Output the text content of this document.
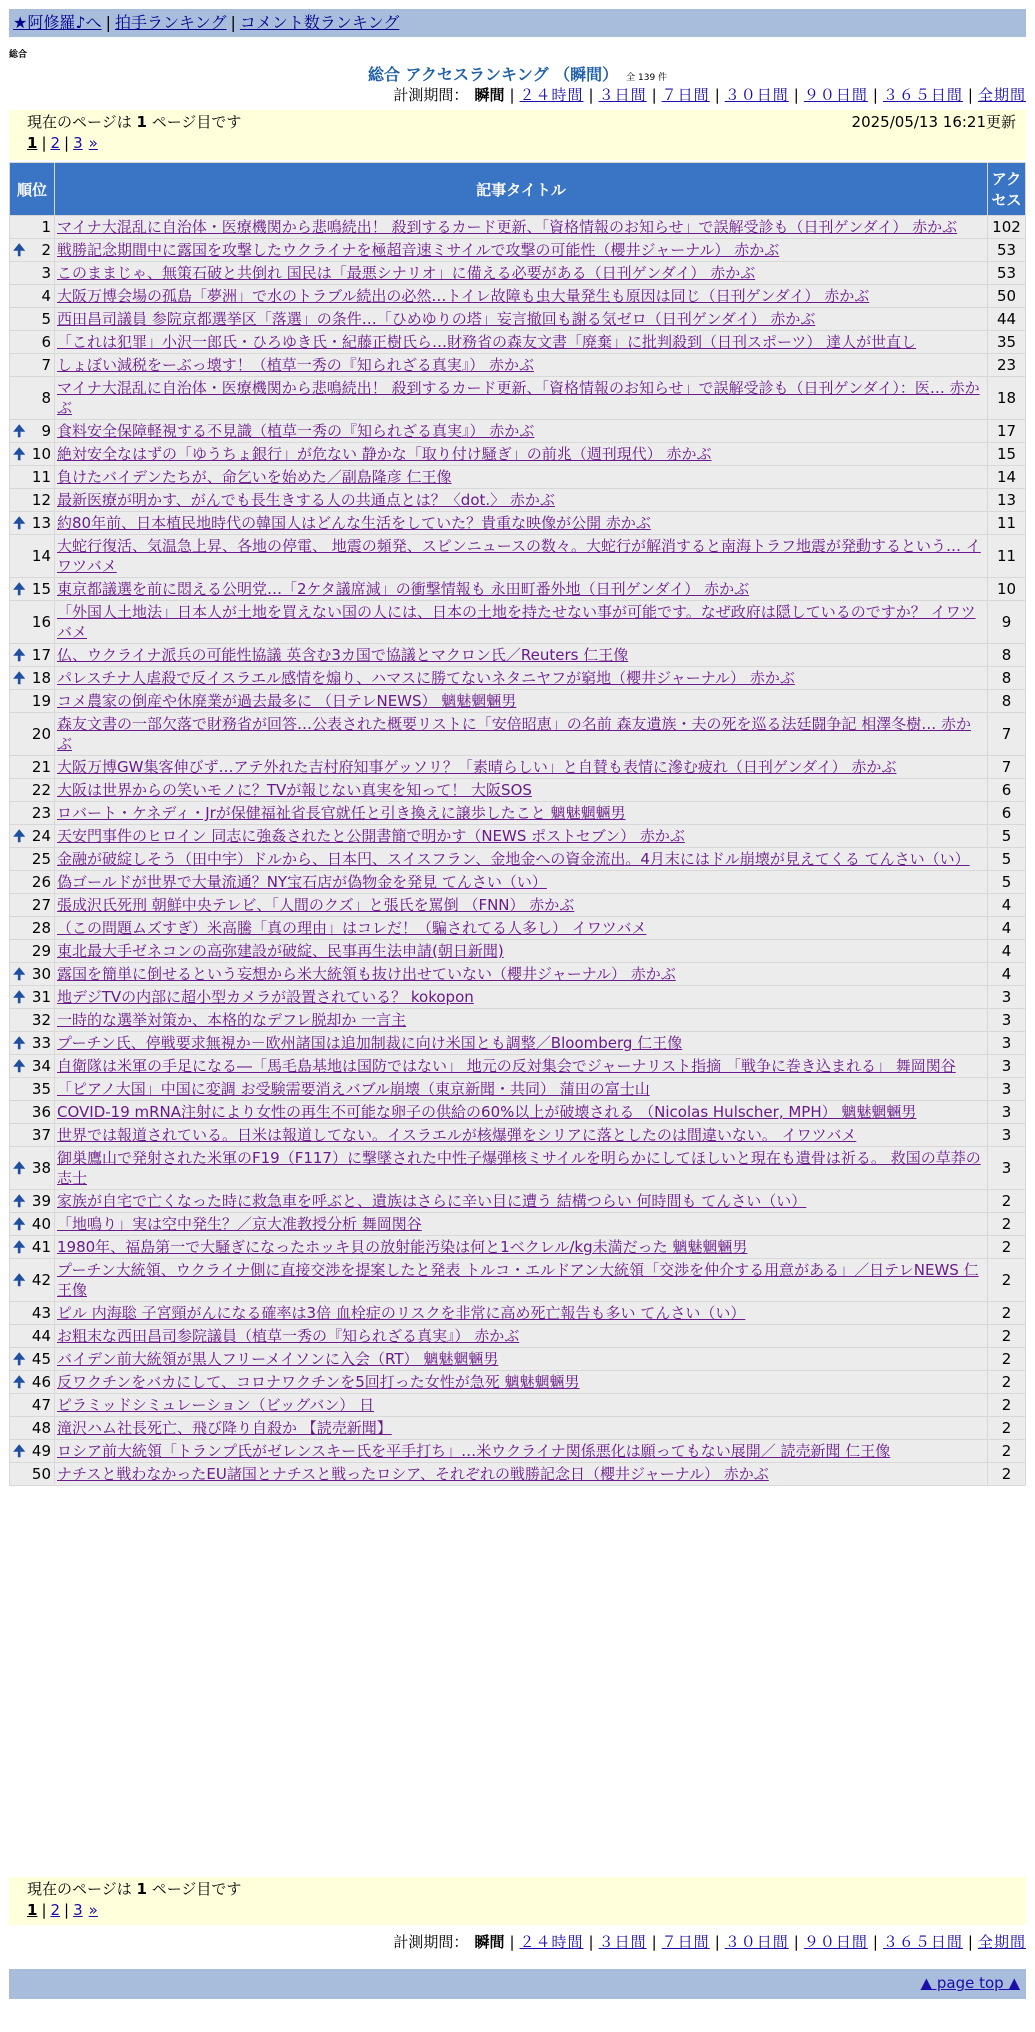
★阿修羅♪へ | 拍手ランキング | コメント数ランキング
総合
総合 アクセスランキング （瞬間） 全 139 件
計測期間： 瞬間 | ２４時間 | ３日間 | ７日間 | ３０日間 | ９０日間 | ３６５日間 | 全期間
現在のページは 1 ページ目です	2025/05/13 16:21更新
1 | 2 | 3 »
順位	記事タイトル	アクセス
1	マイナ大混乱に自治体・医療機関から悲鳴続出！ 殺到するカード更新、「資格情報のお知らせ」で誤解受診も（日刊ゲンダイ） 赤かぶ	102

🠉 2	戦勝記念期間中に露国を攻撃したウクライナを極超音速ミサイルで攻撃の可能性（櫻井ジャーナル） 赤かぶ	53
3	このままじゃ、無策石破と共倒れ 国民は「最悪シナリオ」に備える必要がある（日刊ゲンダイ） 赤かぶ	53
4	大阪万博会場の孤島「夢洲」で水のトラブル続出の必然…トイレ故障も虫大量発生も原因は同じ（日刊ゲンダイ） 赤かぶ	50
5	西田昌司議員 参院京都選挙区「落選」の条件…「ひめゆりの塔」妄言撤回も謝る気ゼロ（日刊ゲンダイ） 赤かぶ	44
6	「これは犯罪」小沢一郎氏・ひろゆき氏・紀藤正樹氏ら…財務省の森友文書「廃棄」に批判殺到（日刊スポーツ） 達人が世直し	35
7	しょぼい減税をーぶっ壊す！（植草一秀の『知られざる真実』） 赤かぶ	23
8	マイナ大混乱に自治体・医療機関から悲鳴続出！ 殺到するカード更新、「資格情報のお知らせ」で誤解受診も（日刊ゲンダイ）：医… 赤かぶ	18

🠉 9	食料安全保障軽視する不見識（植草一秀の『知られざる真実』） 赤かぶ	17

🠉 10	絶対安全なはずの「ゆうちょ銀行」が危ない 静かな「取り付け騒ぎ」の前兆（週刊現代） 赤かぶ	15
11	負けたバイデンたちが、命乞いを始めた／副島隆彦 仁王像	14
12	最新医療が明かす、がんでも長生きする人の共通点とは？〈dot.〉 赤かぶ	13

🠉 13	約80年前、日本植民地時代の韓国人はどんな生活をしていた？貴重な映像が公開 赤かぶ	11
14	大蛇行復活、気温急上昇、各地の停電、 地震の頻発、スピンニュースの数々。大蛇行が解消すると南海トラフ地震が発動するという… イワツバメ	11

🠉 15	東京都議選を前に悶える公明党…「2ケタ議席減」の衝撃情報も 永田町番外地（日刊ゲンダイ） 赤かぶ	10
16	「外国人土地法」日本人が土地を買えない国の人には、日本の土地を持たせない事が可能です。なぜ政府は隠しているのですか？ イワツバメ	9

🠉 17	仏、ウクライナ派兵の可能性協議 英含む3カ国で協議とマクロン氏／Reuters 仁王像	8

🠉 18	パレスチナ人虐殺で反イスラエル感情を煽り、ハマスに勝てないネタニヤフが窮地（櫻井ジャーナル） 赤かぶ	8
19	コメ農家の倒産や休廃業が過去最多に （日テレNEWS） 魑魅魍魎男	8
20	森友文書の一部欠落で財務省が回答…公表された概要リストに「安倍昭恵」の名前 森友遺族・夫の死を巡る法廷闘争記 相澤冬樹… 赤かぶ	7
21	大阪万博GW集客伸びず…アテ外れた吉村府知事ゲッソリ？「素晴らしい」と自賛も表情に滲む疲れ（日刊ゲンダイ） 赤かぶ	7
22	大阪は世界からの笑いモノに？TVが報じない真実を知って！ 大阪SOS	6
23	ロバート・ケネディ・Jrが保健福祉省長官就任と引き換えに譲歩したこと 魑魅魍魎男	6

🠉 24	天安門事件のヒロイン 同志に強姦されたと公開書簡で明かす（NEWS ポストセブン） 赤かぶ	5
25	金融が破綻しそう（田中宇）ドルから、日本円、スイスフラン、金地金への資金流出。4月末にはドル崩壊が見えてくる てんさい（い）	5
26	偽ゴールドが世界で大量流通？NY宝石店が偽物金を発見 てんさい（い）	5
27	張成沢氏死刑 朝鮮中央テレビ、「人間のクズ」と張氏を罵倒 （FNN） 赤かぶ	4
28	（この問題ムズすぎ）米高騰「真の理由」はコレだ！（騙されてる人多し） イワツバメ	4
29	東北最大手ゼネコンの高弥建設が破綻、民事再生法申請(朝日新聞)	4

🠉 30	露国を簡単に倒せるという妄想から米大統領も抜け出せていない（櫻井ジャーナル） 赤かぶ	4

🠉 31	地デジTVの内部に超小型カメラが設置されている？ kokopon	3
32	一時的な選挙対策か、本格的なデフレ脱却か 一言主	3

🠉 33	プーチン氏、停戦要求無視か－欧州諸国は追加制裁に向け米国とも調整／Bloomberg 仁王像	3

🠉 34	自衛隊は米軍の手足になる―「馬毛島基地は国防ではない」 地元の反対集会でジャーナリスト指摘 「戦争に巻き込まれる」 舞岡関谷	3
35	「ピアノ大国」中国に変調 お受験需要消えバブル崩壊（東京新聞・共同） 蒲田の富士山	3
36	COVID-19 mRNA注射により女性の再生不可能な卵子の供給の60%以上が破壊される （Nicolas Hulscher, MPH） 魑魅魍魎男	3
37	世界では報道されている。日米は報道してない。イスラエルが核爆弾をシリアに落としたのは間違いない。 イワツバメ	3

🠉 38	御巣鷹山で発射された米軍のF19（F117）に撃墜された中性子爆弾核ミサイルを明らかにしてほしいと現在も遺骨は祈る。 救国の草莽の志士	3

🠉 39	家族が自宅で亡くなった時に救急車を呼ぶと、遺族はさらに辛い目に遭う 結構つらい 何時間も てんさい（い）	2

🠉 40	「地鳴り」実は空中発生？／京大准教授分析 舞岡関谷	2

🠉 41	1980年、福島第一で大騒ぎになったホッキ貝の放射能汚染は何と1ベクレル/kg未満だった 魑魅魍魎男	2

🠉 42	プーチン大統領、ウクライナ側に直接交渉を提案したと発表 トルコ・エルドアン大統領「交渉を仲介する用意がある」／日テレNEWS 仁王像	2
43	ピル 内海聡 子宮頸がんになる確率は3倍 血栓症のリスクを非常に高め死亡報告も多い てんさい（い）	2
44	お粗末な西田昌司参院議員（植草一秀の『知られざる真実』） 赤かぶ	2

🠉 45	バイデン前大統領が黒人フリーメイソンに入会（RT） 魑魅魍魎男	2

🠉 46	反ワクチンをバカにして、コロナワクチンを5回打った女性が急死 魑魅魍魎男	2
47	ピラミッドシミュレーション（ビッグバン） 日	2
48	滝沢ハム社長死亡、飛び降り自殺か 【読売新聞】	2

🠉 49	ロシア前大統領「トランプ氏がゼレンスキー氏を平手打ち」…米ウクライナ関係悪化は願ってもない展開／ 読売新聞 仁王像	2
50	ナチスと戦わなかったEU諸国とナチスと戦ったロシア、それぞれの戦勝記念日（櫻井ジャーナル） 赤かぶ	2
現在のページは 1 ページ目です
1 | 2 | 3 »
計測期間： 瞬間 | ２４時間 | ３日間 | ７日間 | ３０日間 | ９０日間 | ３６５日間 | 全期間
▲ page top ▲
